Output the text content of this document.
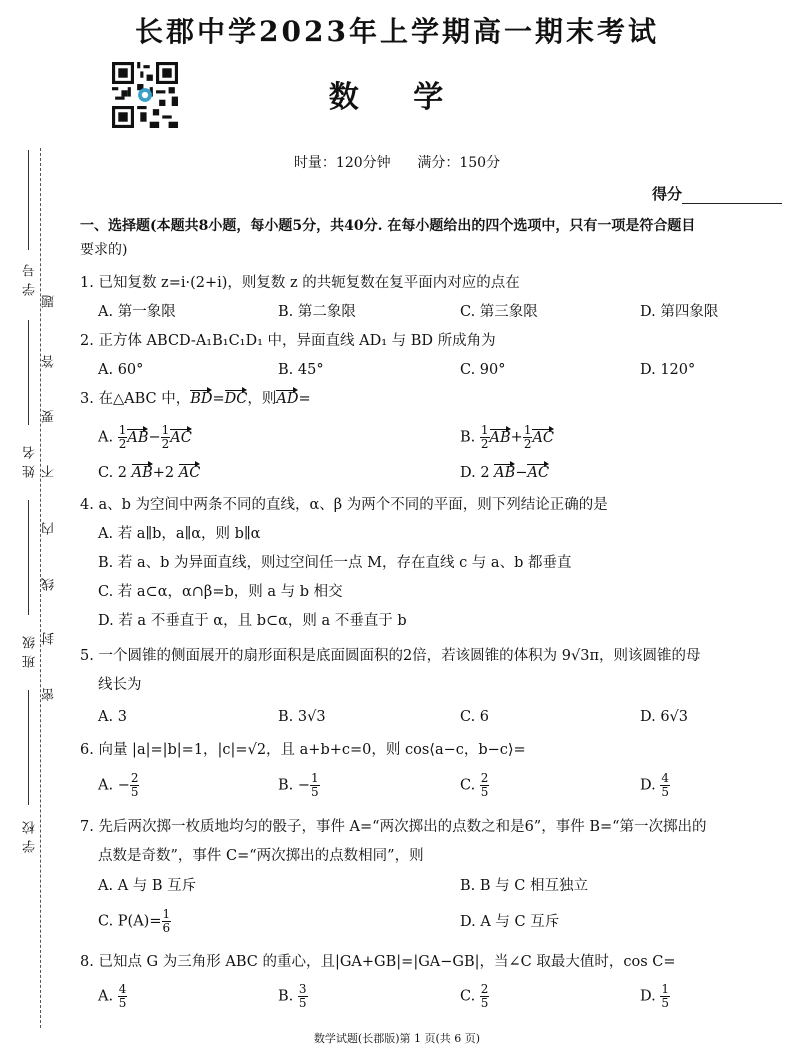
学号
姓名
班级
学校
题
答
要
不
内
线
封
密
长郡中学2023年上学期高一期末考试
数 学
时量：120分钟      满分：150分
得分
一、选择题(本题共8小题，每小题5分，共40分. 在每小题给出的四个选项中，只有一项是符合题目
要求的)
1. 已知复数 z=i·(2+i)，则复数 z 的共轭复数在复平面内对应的点在
A. 第一象限	B. 第二象限	C. 第三象限	D. 第四象限
2. 正方体 ABCD-A₁B₁C₁D₁ 中，异面直线 AD₁ 与 BD 所成角为
A. 60°	B. 45°	C. 90°	D. 120°
3. 在△ABC 中，BD=DC，则AD=
A. $\frac{1}{2} AB- \frac{1}{2}$ AC	B. $\frac{1}{2} AB+ \frac{1}{2}$ AC
C. 2 AB+2 AC	D. 2 AB−AC
4. a、b 为空间中两条不同的直线，α、β 为两个不同的平面，则下列结论正确的是
A. 若 a∥b，a∥α，则 b∥α
B. 若 a、b 为异面直线，则过空间任一点 M，存在直线 c 与 a、b 都垂直
C. 若 a⊂α，α∩β=b，则 a 与 b 相交
D. 若 a 不垂直于 α，且 b⊂α，则 a 不垂直于 b
5. 一个圆锥的侧面展开的扇形面积是底面圆面积的2倍，若该圆锥的体积为 9√3π，则该圆锥的母
线长为
A. 3	B. 3√3	C. 6	D. 6√3
6. 向量 |a|=|b|=1，|c|=√2，且 a+b+c=0，则 cos⟨a−c，b−c⟩=
A. − $\frac{2}{5}$	B. − $\frac{1}{5}$	C. $\frac{2}{5}$	D. $\frac{4}{5}$
7. 先后两次掷一枚质地均匀的骰子，事件 A=“两次掷出的点数之和是6”，事件 B=“第一次掷出的
点数是奇数”，事件 C=“两次掷出的点数相同”，则
A. A 与 B 互斥	B. B 与 C 相互独立
C. $P(A)= \frac{1}{6}$	D. A 与 C 互斥
8. 已知点 G 为三角形 ABC 的重心，且|GA+GB|=|GA−GB|，当∠C 取最大值时，cos C=
A. $\frac{4}{5}$	B. $\frac{3}{5}$	C. $\frac{2}{5}$	D. $\frac{1}{5}$
数学试题(长郡版)第 1 页(共 6 页)
